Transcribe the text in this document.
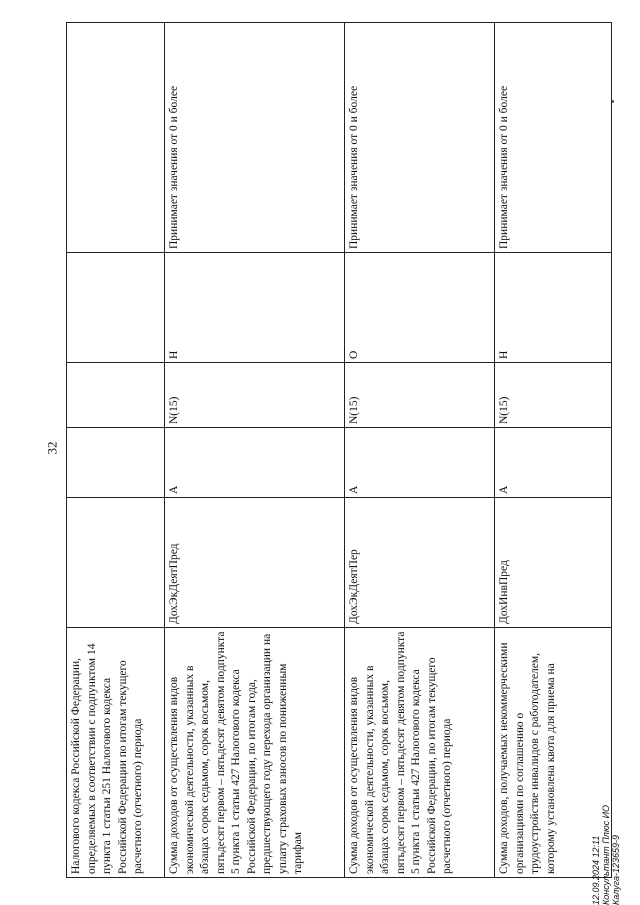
32
Налогового кодекса Российской Федерации, определяемых в соответствии с подпунктом 14 пункта 1 статьи 251 Налогового кодекса Российской Федерации по итогам текущего расчетного (отчетного) периода					
Сумма доходов от осуществления видов экономической деятельности, указанных в абзацах сорок седьмом, сорок восьмом, пятьдесят первом – пятьдесят девятом подпункта 5 пункта 1 статьи 427 Налогового кодекса Российской Федерации, по итогам года, предшествующего году перехода организации на уплату страховых взносов по пониженным тарифам	ДохЭкДеятПред	А	N(15)	Н	Принимает значения от 0 и более
Сумма доходов от осуществления видов экономической деятельности, указанных в абзацах сорок седьмом, сорок восьмом, пятьдесят первом – пятьдесят девятом подпункта 5 пункта 1 статьи 427 Налогового кодекса Российской Федерации, по итогам текущего расчетного (отчетного) периода	ДохЭкДеятПер	А	N(15)	О	Принимает значения от 0 и более
Сумма доходов, получаемых некоммерческими организациями по соглашению о трудоустройстве инвалидов с работодателем, которому установлена квота для приема на	ДохИнвПред	А	N(15)	Н	Принимает значения от 0 и более
12.09.2024 12:11 Консультант Плюс ИО Калуга-123659-9
